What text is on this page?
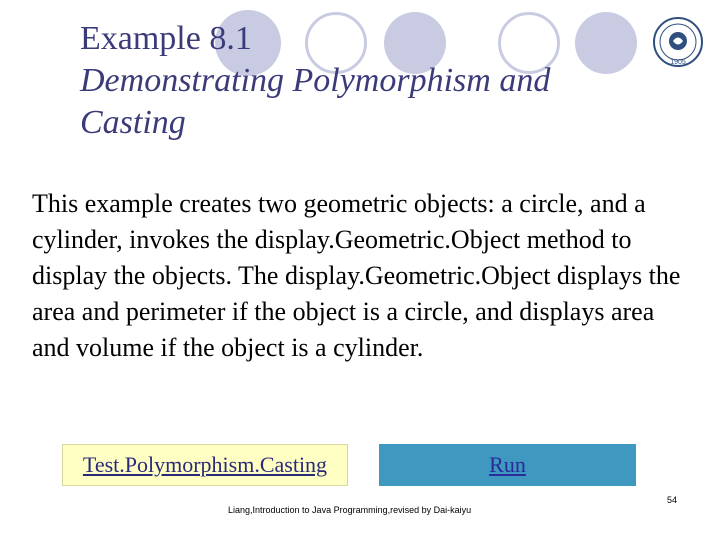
1905
Example 8.1
Demonstrating Polymorphism and
Casting
This example creates two geometric objects: a circle, and a cylinder, invokes the display.Geometric.Object method to display the objects. The display.Geometric.Object displays the area and perimeter if the object is a circle, and displays area and volume if the object is a cylinder.
Test.Polymorphism.Casting	Run
Liang,Introduction to Java Programming,revised by Dai-kaiyu
54
